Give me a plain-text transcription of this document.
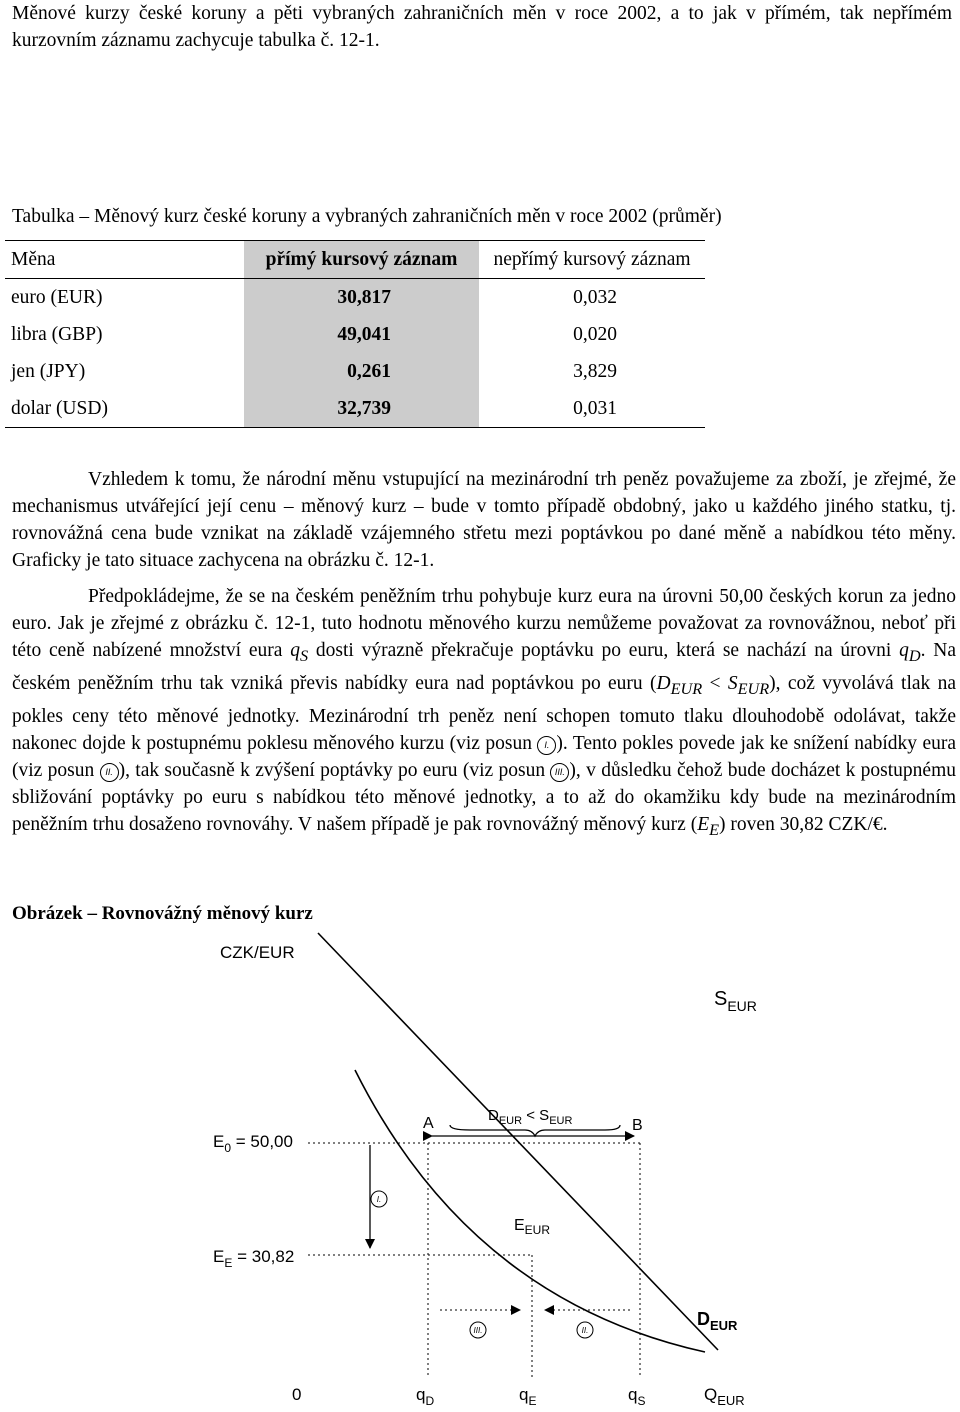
Měnové kurzy české koruny a pěti vybraných zahraničních měn v roce 2002, a to jak v přímém, tak nepřímém kurzovním záznamu zachycuje tabulka č. 12-1.

Tabulka – Měnový kurz české koruny a vybraných zahraničních měn v roce 2002 (průměr)
Měna	přímý kursový záznam	nepřímý kursový záznam
euro (EUR)	30,817	0,032
libra (GBP)	49,041	0,020
jen (JPY)	0,261	3,829
dolar (USD)	32,739	0,031

Vzhledem k tomu, že národní měnu vstupující na mezinárodní trh peněz považujeme za zboží, je zřejmé, že mechanismus utvářející její cenu – měnový kurz – bude v tomto případě obdobný, jako u každého jiného statku, tj. rovnovážná cena bude vznikat na základě vzájemného střetu mezi poptávkou po dané měně a nabídkou této měny. Graficky je tato situace zachycena na obrázku č. 12-1.

Předpokládejme, že se na českém peněžním trhu pohybuje kurz eura na úrovni 50,00 českých korun za jedno euro. Jak je zřejmé z obrázku č. 12-1, tuto hodnotu měnového kurzu nemůžeme považovat za rovnovážnou, neboť při této ceně nabízené množství eura $q_S$ dosti výrazně překračuje poptávku po euru, která se nachází na úrovni $q_D$. Na českém peněžním trhu tak vzniká převis nabídky eura nad poptávkou po euru $(D_{EUR} < S_{EUR})$, což vyvolává tlak na pokles ceny této měnové jednotky. Mezinárodní trh peněz není schopen tomuto tlaku dlouhodobě odolávat, takže nakonec dojde k postupnému poklesu měnového kurzu (viz posun I. ). Tento pokles povede jak ke snížení nabídky eura (viz posun II. ), tak současně k zvýšení poptávky po euru (viz posun III. ), v důsledku čehož bude docházet k postupnému sbližování poptávky po euru s nabídkou této měnové jednotky, a to až do okamžiku kdy bude na mezinárodním peněžním trhu dosaženo rovnováhy. V našem případě je pak rovnovážný měnový kurz $(E_E)$ roven 30,82 CZK/€.

Obrázek – Rovnovážný měnový kurz
CZK/EUR
0	$Q_{EUR}$
$S_{EUR}$
$D_{EUR}$
$E_0 = 50,00$
$E_E = 30,82$
A	B
$D_{EUR} < S_{EUR}$
$E_{EUR}$
I.
III.	II.
$q_D$	$q_E$	$q_S$
